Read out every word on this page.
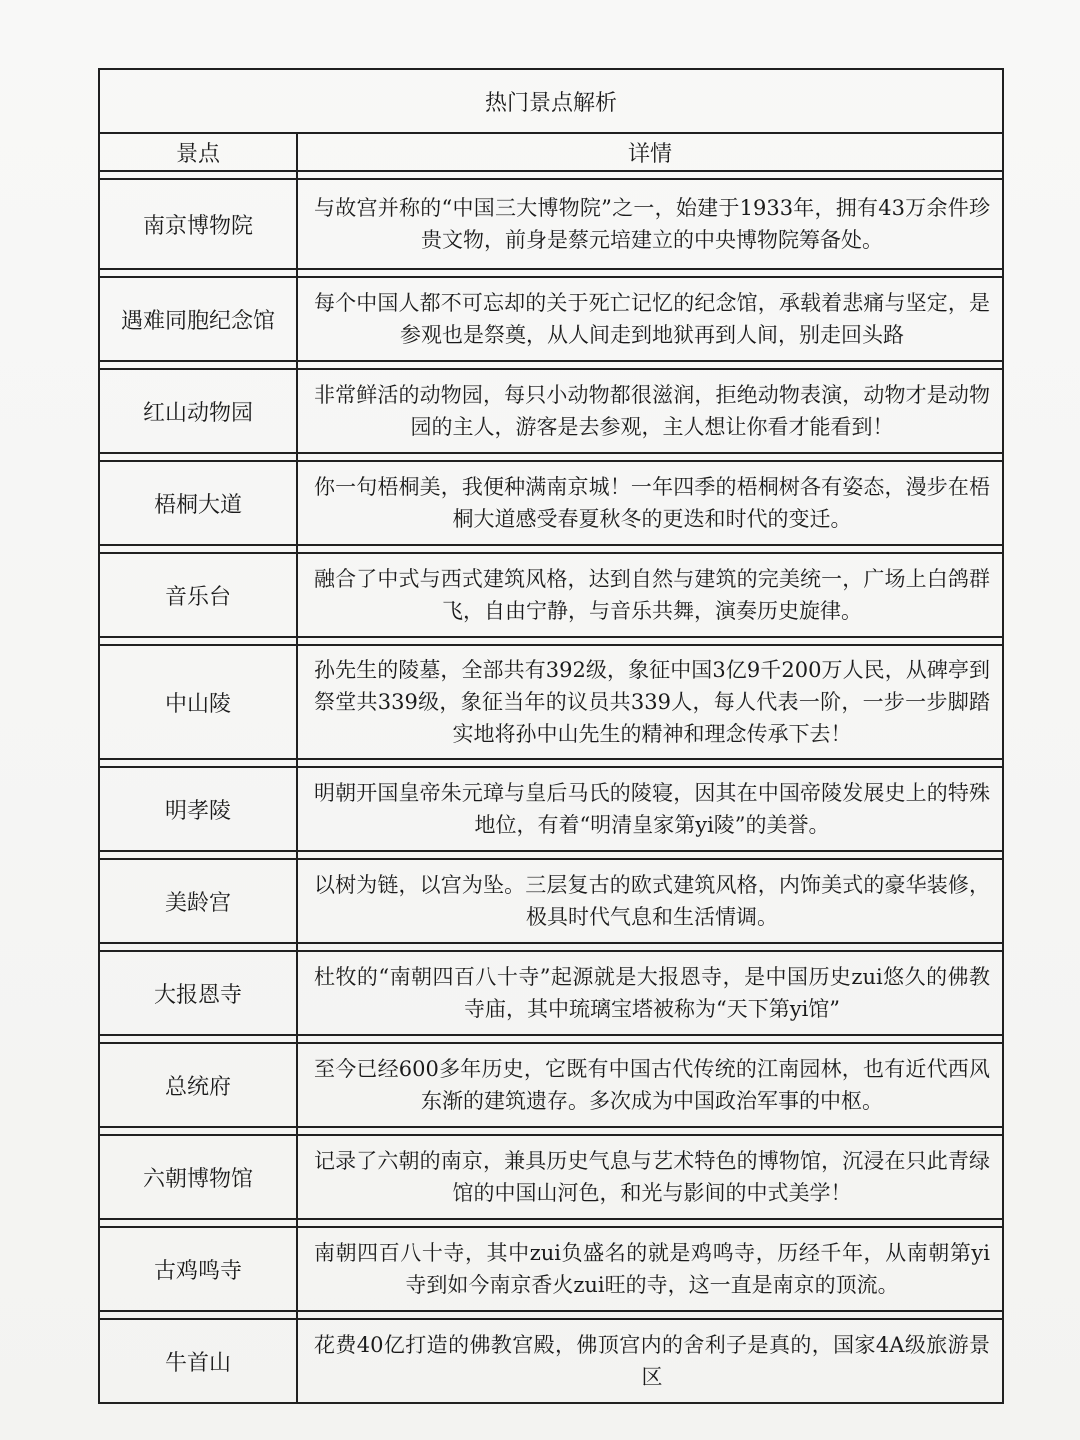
热门景点解析	
景点	详情

南京博物院	与故宫并称的“中国三大博物院”之一，始建于1933年，拥有43万余件珍贵文物，前身是蔡元培建立的中央博物院筹备处。

遇难同胞纪念馆	每个中国人都不可忘却的关于死亡记忆的纪念馆，承载着悲痛与坚定，是参观也是祭奠，从人间走到地狱再到人间，别走回头路

红山动物园	非常鲜活的动物园，每只小动物都很滋润，拒绝动物表演，动物才是动物园的主人，游客是去参观，主人想让你看才能看到！

梧桐大道	你一句梧桐美，我便种满南京城！一年四季的梧桐树各有姿态，漫步在梧桐大道感受春夏秋冬的更迭和时代的变迁。

音乐台	融合了中式与西式建筑风格，达到自然与建筑的完美统一，广场上白鸽群飞，自由宁静，与音乐共舞，演奏历史旋律。

中山陵	孙先生的陵墓，全部共有392级，象征中国3亿9千200万人民，从碑亭到祭堂共339级，象征当年的议员共339人，每人代表一阶，一步一步脚踏实地将孙中山先生的精神和理念传承下去！

明孝陵	明朝开国皇帝朱元璋与皇后马氏的陵寝，因其在中国帝陵发展史上的特殊地位，有着“明清皇家第yi陵”的美誉。

美龄宫	以树为链，以宫为坠。三层复古的欧式建筑风格，内饰美式的豪华装修，极具时代气息和生活情调。

大报恩寺	杜牧的“南朝四百八十寺”起源就是大报恩寺，是中国历史zui悠久的佛教寺庙，其中琉璃宝塔被称为“天下第yi馆”

总统府	至今已经600多年历史，它既有中国古代传统的江南园林，也有近代西风东渐的建筑遗存。多次成为中国政治军事的中枢。

六朝博物馆	记录了六朝的南京，兼具历史气息与艺术特色的博物馆，沉浸在只此青绿馆的中国山河色，和光与影间的中式美学！

古鸡鸣寺	南朝四百八十寺，其中zui负盛名的就是鸡鸣寺，历经千年，从南朝第yi寺到如今南京香火zui旺的寺，这一直是南京的顶流。

牛首山	花费40亿打造的佛教宫殿，佛顶宫内的舍利子是真的，国家4A级旅游景区
